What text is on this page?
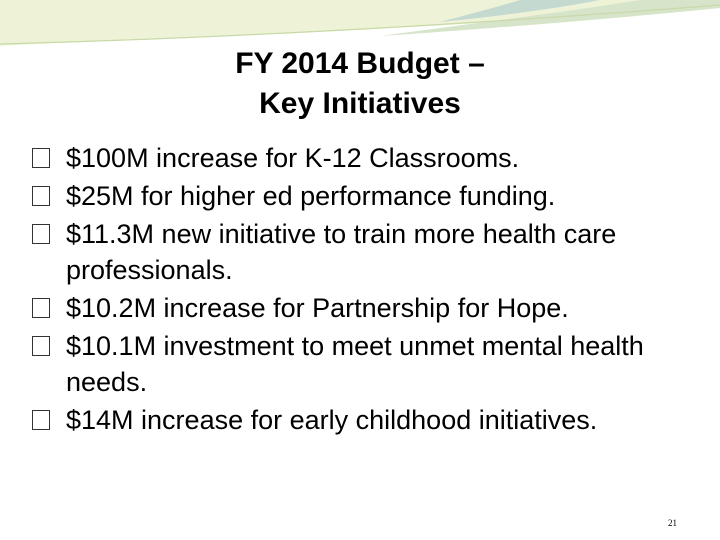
FY 2014 Budget –
Key Initiatives
$100M increase for K-12 Classrooms.
$25M for higher ed performance funding.
$11.3M new initiative to train more health care professionals.
$10.2M increase for Partnership for Hope.
$10.1M investment to meet unmet mental health needs.
$14M increase for early childhood initiatives.
21
